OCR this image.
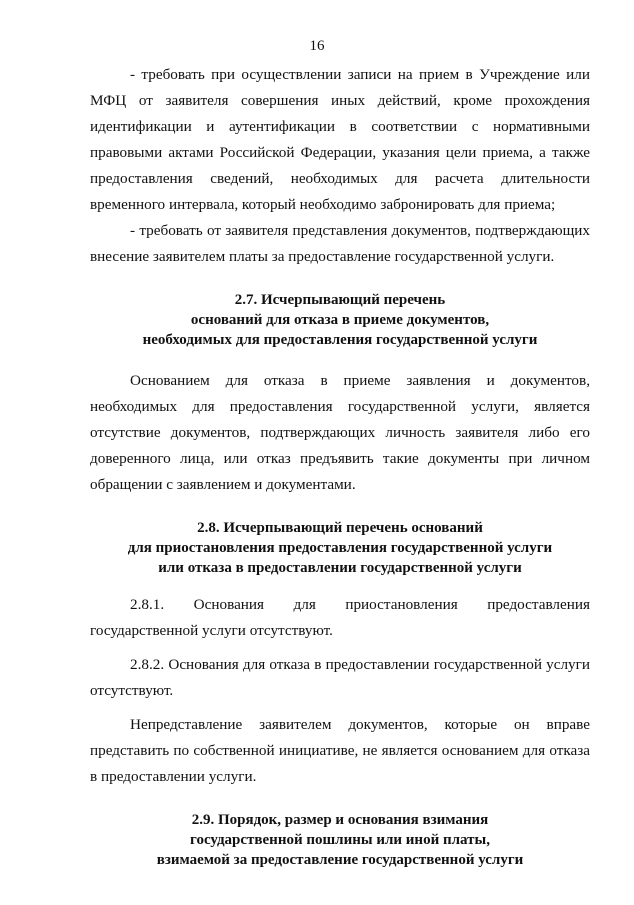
16

- требовать при осуществлении записи на прием в Учреждение или МФЦ от заявителя совершения иных действий, кроме прохождения идентификации и аутентификации в соответствии с нормативными правовыми актами Российской Федерации, указания цели приема, а также предоставления сведений, необходимых для расчета длительности временного интервала, который необходимо забронировать для приема;

- требовать от заявителя представления документов, подтверждающих внесение заявителем платы за предоставление государственной услуги.

2.7. Исчерпывающий перечень
оснований для отказа в приеме документов,
необходимых для предоставления государственной услуги

Основанием для отказа в приеме заявления и документов, необходимых для предоставления государственной услуги, является отсутствие документов, подтверждающих личность заявителя либо его доверенного лица, или отказ предъявить такие документы при личном обращении с заявлением и документами.

2.8. Исчерпывающий перечень оснований
для приостановления предоставления государственной услуги
или отказа в предоставлении государственной услуги

2.8.1. Основания для приостановления предоставления государственной услуги отсутствуют.

2.8.2. Основания для отказа в предоставлении государственной услуги отсутствуют.

Непредставление заявителем документов, которые он вправе представить по собственной инициативе, не является основанием для отказа в предоставлении услуги.

2.9. Порядок, размер и основания взимания
государственной пошлины или иной платы,
взимаемой за предоставление государственной услуги
